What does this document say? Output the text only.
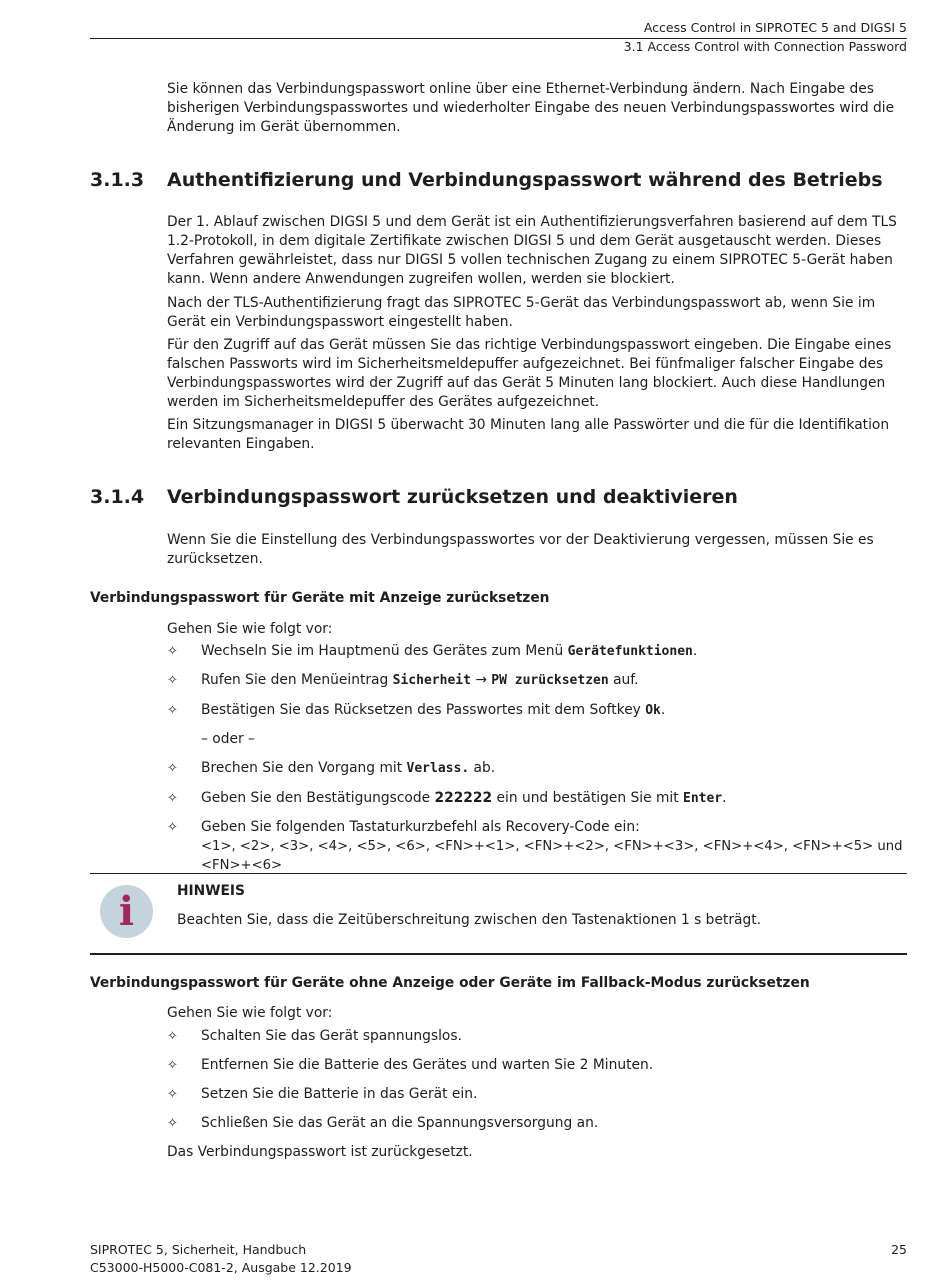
Access Control in SIPROTEC 5 and DIGSI 5
3.1 Access Control with Connection Password

Sie können das Verbindungspasswort online über eine Ethernet-Verbindung ändern. Nach Eingabe des bisherigen Verbindungspasswortes und wiederholter Eingabe des neuen Verbindungspasswortes wird die Änderung im Gerät übernommen.

3.1.3 Authentifizierung und Verbindungspasswort während des Betriebs

Der 1. Ablauf zwischen DIGSI 5 und dem Gerät ist ein Authentifizierungsverfahren basierend auf dem TLS 1.2-Protokoll, in dem digitale Zertifikate zwischen DIGSI 5 und dem Gerät ausgetauscht werden. Dieses Verfahren gewährleistet, dass nur DIGSI 5 vollen technischen Zugang zu einem SIPROTEC 5-Gerät haben kann. Wenn andere Anwendungen zugreifen wollen, werden sie blockiert.

Nach der TLS-Authentifizierung fragt das SIPROTEC 5-Gerät das Verbindungspasswort ab, wenn Sie im Gerät ein Verbindungspasswort eingestellt haben.

Für den Zugriff auf das Gerät müssen Sie das richtige Verbindungspasswort eingeben. Die Eingabe eines falschen Passworts wird im Sicherheitsmeldepuffer aufgezeichnet. Bei fünfmaliger falscher Eingabe des Verbindungspasswortes wird der Zugriff auf das Gerät 5 Minuten lang blockiert. Auch diese Handlungen werden im Sicherheitsmeldepuffer des Gerätes aufgezeichnet.

Ein Sitzungsmanager in DIGSI 5 überwacht 30 Minuten lang alle Passwörter und die für die Identifikation relevanten Eingaben.

3.1.4 Verbindungspasswort zurücksetzen und deaktivieren

Wenn Sie die Einstellung des Verbindungspasswortes vor der Deaktivierung vergessen, müssen Sie es zurücksetzen.

Verbindungspasswort für Geräte mit Anzeige zurücksetzen
Gehen Sie wie folgt vor:
✧ Wechseln Sie im Hauptmenü des Gerätes zum Menü Gerätefunktionen.
✧ Rufen Sie den Menüeintrag Sicherheit → PW zurücksetzen auf.
✧ Bestätigen Sie das Rücksetzen des Passwortes mit dem Softkey Ok.
– oder –
✧ Brechen Sie den Vorgang mit Verlass. ab.
✧ Geben Sie den Bestätigungscode 222222 ein und bestätigen Sie mit Enter.
✧ Geben Sie folgenden Tastaturkurzbefehl als Recovery-Code ein:
<1>, <2>, <3>, <4>, <5>, <6>, <FN>+<1>, <FN>+<2>, <FN>+<3>, <FN>+<4>, <FN>+<5> und <FN>+<6>
i	HINWEIS
Beachten Sie, dass die Zeitüberschreitung zwischen den Tastenaktionen 1 s beträgt.
Verbindungspasswort für Geräte ohne Anzeige oder Geräte im Fallback-Modus zurücksetzen
Gehen Sie wie folgt vor:
✧ Schalten Sie das Gerät spannungslos.
✧ Entfernen Sie die Batterie des Gerätes und warten Sie 2 Minuten.
✧ Setzen Sie die Batterie in das Gerät ein.
✧ Schließen Sie das Gerät an die Spannungsversorgung an.
Das Verbindungspasswort ist zurückgesetzt.
SIPROTEC 5, Sicherheit, Handbuch
C53000-H5000-C081-2, Ausgabe 12.2019
25
